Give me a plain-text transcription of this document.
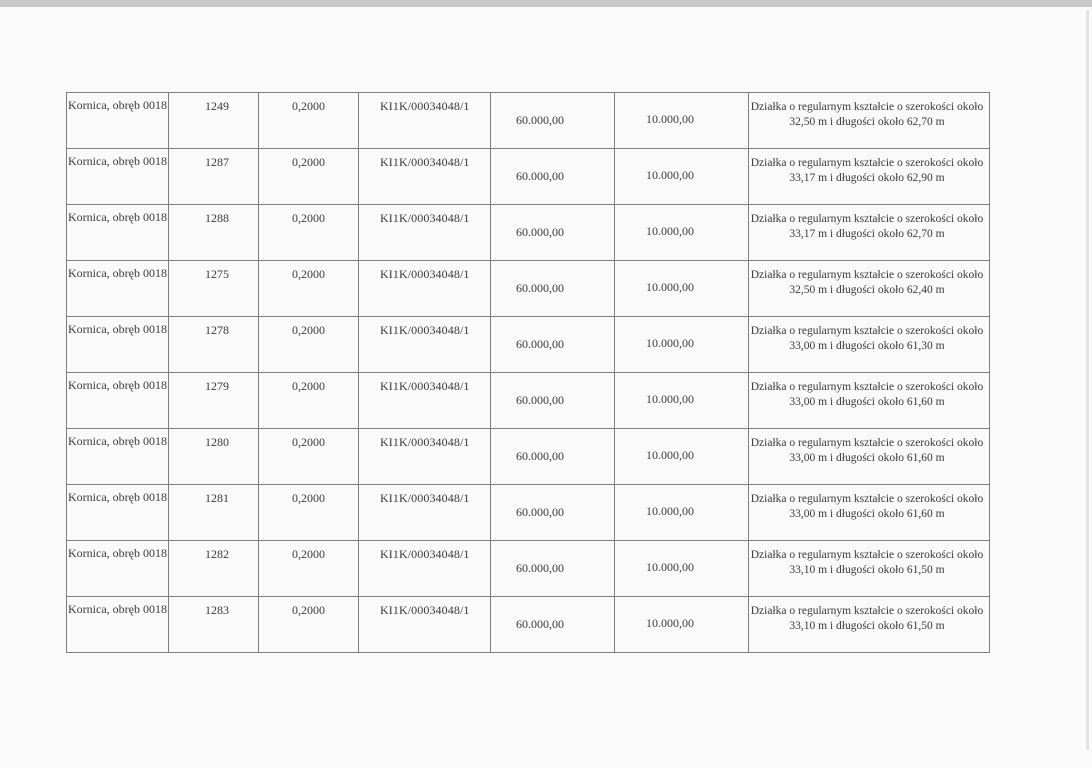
Kornica, obręb 0018	1249	0,2000	KI1K/00034048/1	60.000,00	10.000,00	Działka o regularnym kształcie o szerokości około 32,50 m i długości około 62,70 m

Kornica, obręb 0018	1287	0,2000	KI1K/00034048/1	60.000,00	10.000,00	Działka o regularnym kształcie o szerokości około 33,17 m i długości około 62,90 m

Kornica, obręb 0018	1288	0,2000	KI1K/00034048/1	60.000,00	10.000,00	Działka o regularnym kształcie o szerokości około 33,17 m i długości około 62,70 m

Kornica, obręb 0018	1275	0,2000	KI1K/00034048/1	60.000,00	10.000,00	Działka o regularnym kształcie o szerokości około 32,50 m i długości około 62,40 m

Kornica, obręb 0018	1278	0,2000	KI1K/00034048/1	60.000,00	10.000,00	Działka o regularnym kształcie o szerokości około 33,00 m i długości około 61,30 m

Kornica, obręb 0018	1279	0,2000	KI1K/00034048/1	60.000,00	10.000,00	Działka o regularnym kształcie o szerokości około 33,00 m i długości około 61,60 m

Kornica, obręb 0018	1280	0,2000	KI1K/00034048/1	60.000,00	10.000,00	Działka o regularnym kształcie o szerokości około 33,00 m i długości około 61,60 m

Kornica, obręb 0018	1281	0,2000	KI1K/00034048/1	60.000,00	10.000,00	Działka o regularnym kształcie o szerokości około 33,00 m i długości około 61,60 m

Kornica, obręb 0018	1282	0,2000	KI1K/00034048/1	60.000,00	10.000,00	Działka o regularnym kształcie o szerokości około 33,10 m i długości około 61,50 m

Kornica, obręb 0018	1283	0,2000	KI1K/00034048/1	60.000,00	10.000,00	Działka o regularnym kształcie o szerokości około 33,10 m i długości około 61,50 m
